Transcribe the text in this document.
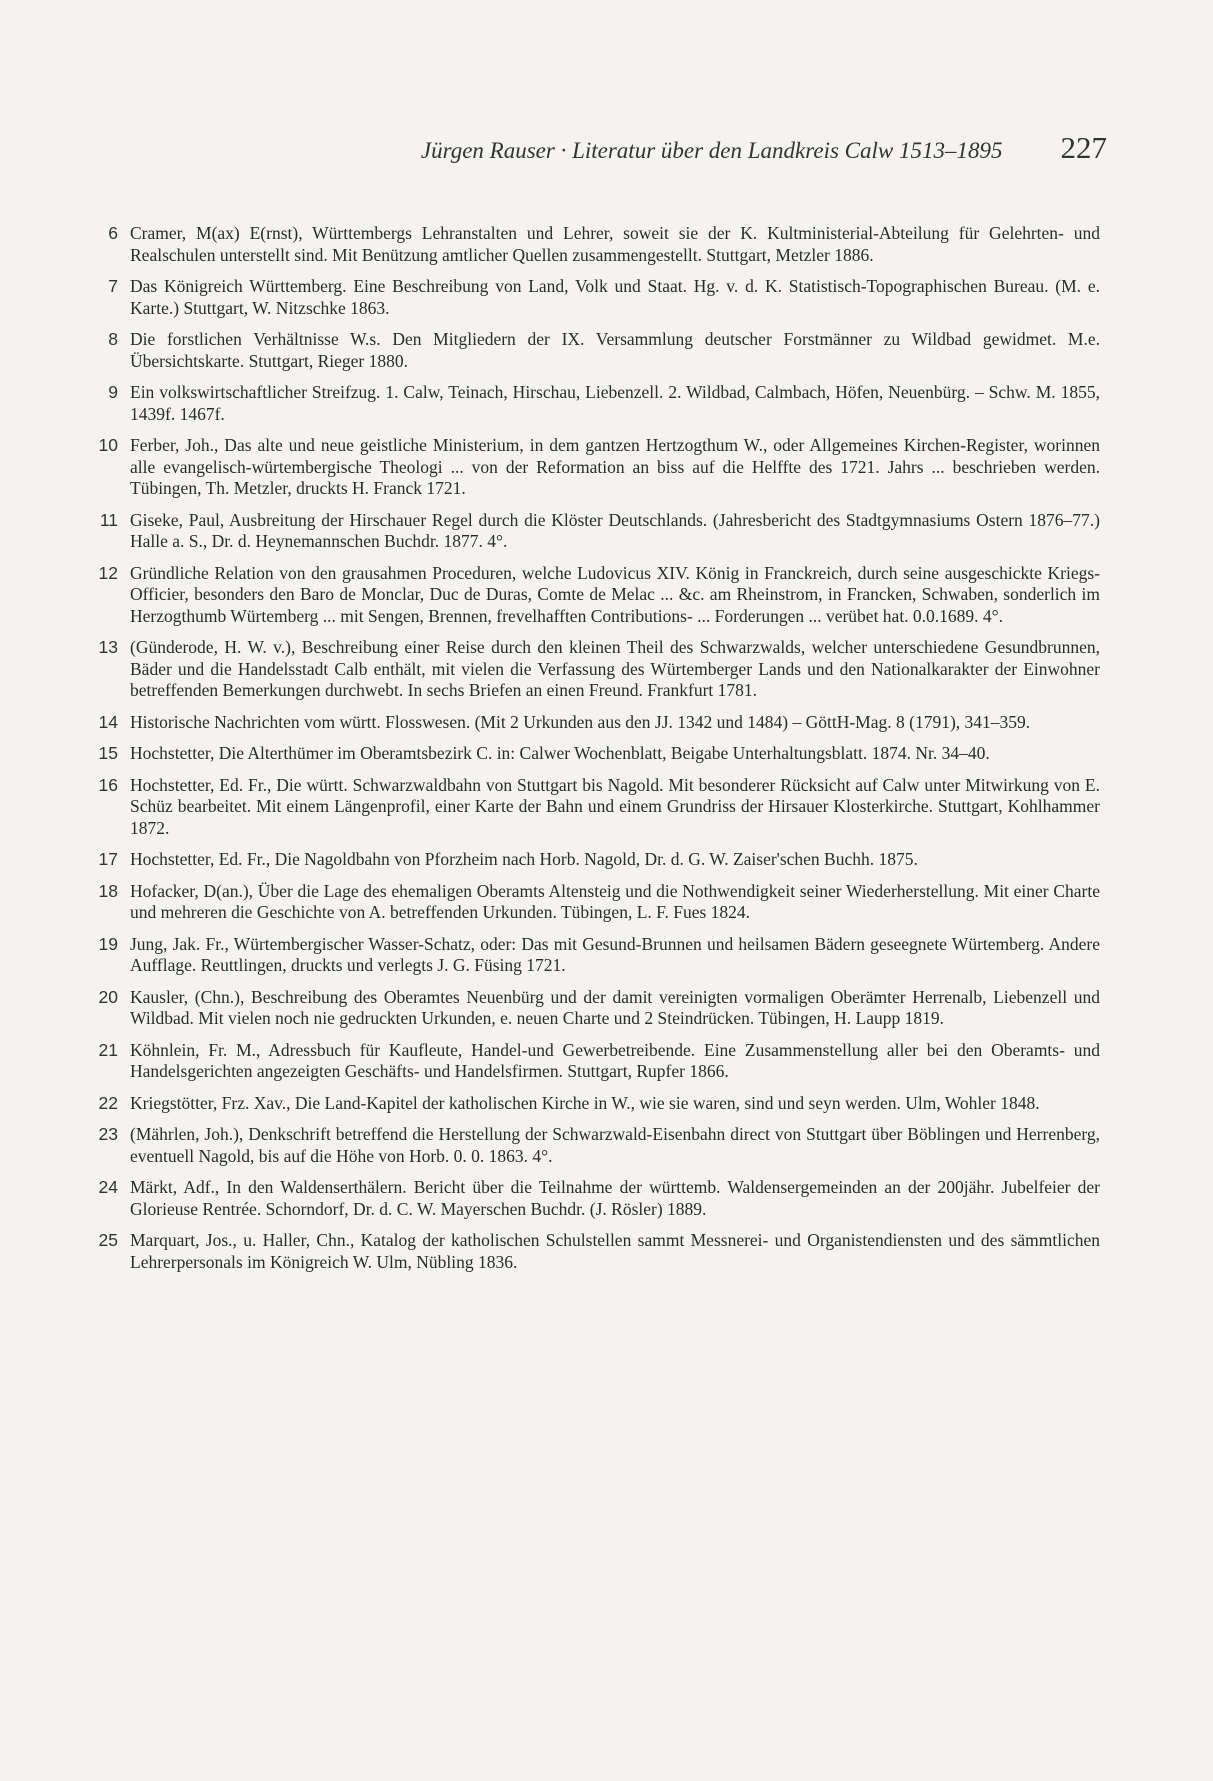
Jürgen Rauser · Literatur über den Landkreis Calw 1513–1895 227
6 Cramer, M(ax) E(rnst), Württembergs Lehranstalten und Lehrer, soweit sie der K. Kultministerial-Abteilung für Gelehrten- und Realschulen unterstellt sind. Mit Benützung amtlicher Quellen zusammengestellt. Stuttgart, Metzler 1886.
7 Das Königreich Württemberg. Eine Beschreibung von Land, Volk und Staat. Hg. v. d. K. Statistisch-Topographischen Bureau. (M. e. Karte.) Stuttgart, W. Nitzschke 1863.
8 Die forstlichen Verhältnisse W.s. Den Mitgliedern der IX. Versammlung deutscher Forstmänner zu Wildbad gewidmet. M.e. Übersichtskarte. Stuttgart, Rieger 1880.
9 Ein volkswirtschaftlicher Streifzug. 1. Calw, Teinach, Hirschau, Liebenzell. 2. Wildbad, Calmbach, Höfen, Neuenbürg. – Schw. M. 1855, 1439f. 1467f.
10 Ferber, Joh., Das alte und neue geistliche Ministerium, in dem gantzen Hertzogthum W., oder Allgemeines Kirchen-Register, worinnen alle evangelisch-würtembergische Theologi ... von der Reformation an biss auf die Helffte des 1721. Jahrs ... beschrieben werden. Tübingen, Th. Metzler, druckts H. Franck 1721.
11 Giseke, Paul, Ausbreitung der Hirschauer Regel durch die Klöster Deutschlands. (Jahresbericht des Stadtgymnasiums Ostern 1876–77.) Halle a. S., Dr. d. Heynemannschen Buchdr. 1877. 4°.
12 Gründliche Relation von den grausahmen Proceduren, welche Ludovicus XIV. König in Franckreich, durch seine ausgeschickte Kriegs-Officier, besonders den Baro de Monclar, Duc de Duras, Comte de Melac ... &c. am Rheinstrom, in Francken, Schwaben, sonderlich im Herzogthumb Würtemberg ... mit Sengen, Brennen, frevelhafften Contributions- ... Forderungen ... verübet hat. 0.0.1689. 4°.
13 (Günderode, H. W. v.), Beschreibung einer Reise durch den kleinen Theil des Schwarzwalds, welcher unterschiedene Gesundbrunnen, Bäder und die Handelsstadt Calb enthält, mit vielen die Verfassung des Würtemberger Lands und den Nationalkarakter der Einwohner betreffenden Bemerkungen durchwebt. In sechs Briefen an einen Freund. Frankfurt 1781.
14 Historische Nachrichten vom württ. Flosswesen. (Mit 2 Urkunden aus den JJ. 1342 und 1484) – GöttH-Mag. 8 (1791), 341–359.
15 Hochstetter, Die Alterthümer im Oberamtsbezirk C. in: Calwer Wochenblatt, Beigabe Unterhaltungsblatt. 1874. Nr. 34–40.
16 Hochstetter, Ed. Fr., Die württ. Schwarzwaldbahn von Stuttgart bis Nagold. Mit besonderer Rücksicht auf Calw unter Mitwirkung von E. Schüz bearbeitet. Mit einem Längenprofil, einer Karte der Bahn und einem Grundriss der Hirsauer Klosterkirche. Stuttgart, Kohlhammer 1872.
17 Hochstetter, Ed. Fr., Die Nagoldbahn von Pforzheim nach Horb. Nagold, Dr. d. G. W. Zaiser'schen Buchh. 1875.
18 Hofacker, D(an.), Über die Lage des ehemaligen Oberamts Altensteig und die Nothwendigkeit seiner Wiederherstellung. Mit einer Charte und mehreren die Geschichte von A. betreffenden Urkunden. Tübingen, L. F. Fues 1824.
19 Jung, Jak. Fr., Würtembergischer Wasser-Schatz, oder: Das mit Gesund-Brunnen und heilsamen Bädern geseegnete Würtemberg. Andere Aufflage. Reuttlingen, druckts und verlegts J. G. Füsing 1721.
20 Kausler, (Chn.), Beschreibung des Oberamtes Neuenbürg und der damit vereinigten vormaligen Oberämter Herrenalb, Liebenzell und Wildbad. Mit vielen noch nie gedruckten Urkunden, e. neuen Charte und 2 Steindrücken. Tübingen, H. Laupp 1819.
21 Köhnlein, Fr. M., Adressbuch für Kaufleute, Handel-und Gewerbetreibende. Eine Zusammenstellung aller bei den Oberamts- und Handelsgerichten angezeigten Geschäfts- und Handelsfirmen. Stuttgart, Rupfer 1866.
22 Kriegstötter, Frz. Xav., Die Land-Kapitel der katholischen Kirche in W., wie sie waren, sind und seyn werden. Ulm, Wohler 1848.
23 (Mährlen, Joh.), Denkschrift betreffend die Herstellung der Schwarzwald-Eisenbahn direct von Stuttgart über Böblingen und Herrenberg, eventuell Nagold, bis auf die Höhe von Horb. 0. 0. 1863. 4°.
24 Märkt, Adf., In den Waldenserthälern. Bericht über die Teilnahme der württemb. Waldensergemeinden an der 200jähr. Jubelfeier der Glorieuse Rentrée. Schorndorf, Dr. d. C. W. Mayerschen Buchdr. (J. Rösler) 1889.
25 Marquart, Jos., u. Haller, Chn., Katalog der katholischen Schulstellen sammt Messnerei- und Organistendiensten und des sämmtlichen Lehrerpersonals im Königreich W. Ulm, Nübling 1836.
